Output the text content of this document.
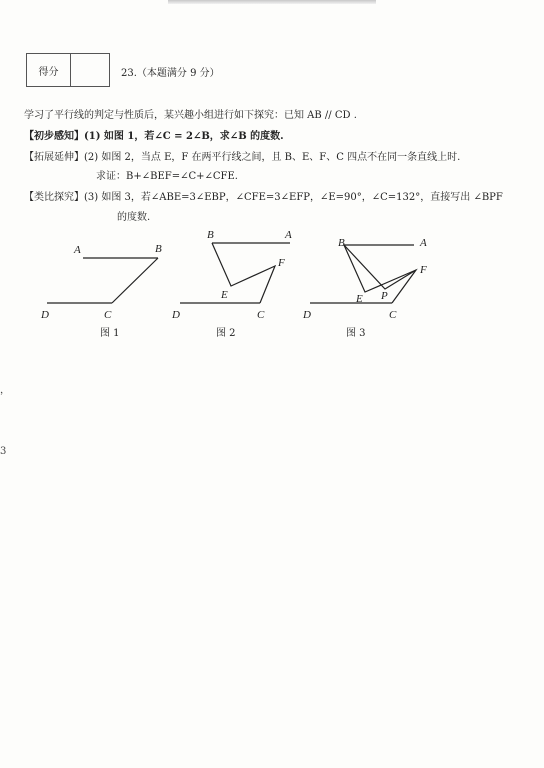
得分	23.（本题满分 9 分）
学习了平行线的判定与性质后，某兴趣小组进行如下探究：已知 AB // CD .
【初步感知】(1) 如图 1，若∠C = 2∠B，求∠B 的度数.
【拓展延伸】(2) 如图 2，当点 E，F 在两平行线之间，且 B、E、F、C 四点不在同一条直线上时.
求证：B+∠BEF=∠C+∠CFE.
【类比探究】(3) 如图 3，若∠ABE=3∠EBP，∠CFE=3∠EFP，∠E=90°，∠C=132°，直接写出 ∠BPF
的度数.
A	B
D	C
B	A
F
E
D	C
B	A
F
E P
D	C
图 1	图 2	图 3
，
3
